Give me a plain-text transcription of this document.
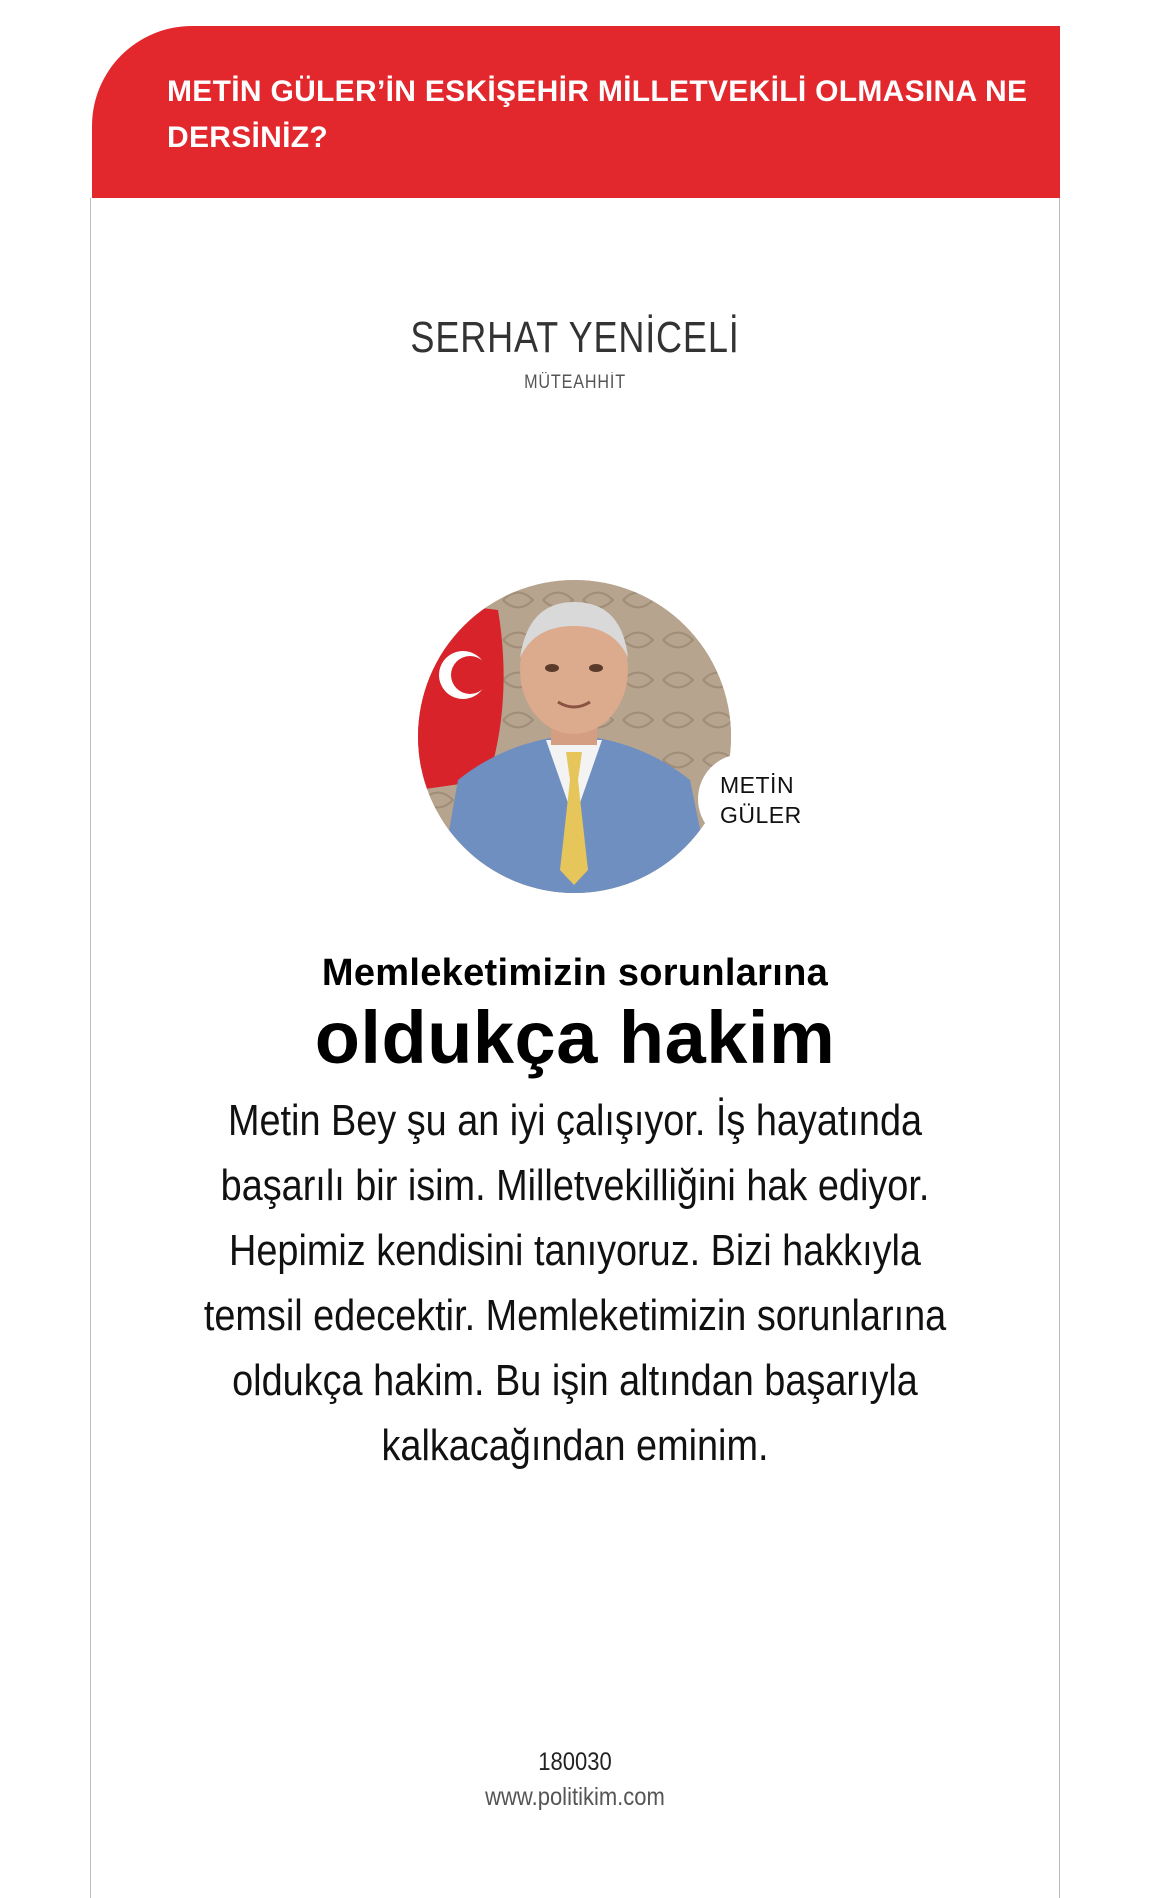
METİN GÜLER’İN ESKİŞEHİR MİLLETVEKİLİ OLMASINA NE DERSİNİZ?
SERHAT YENİCELİ
MÜTEAHHİT
METİN
GÜLER
Memleketimizin sorunlarına
oldukça hakim

Metin Bey şu an iyi çalışıyor. İş hayatında başarılı bir isim. Milletvekilliğini hak ediyor. Hepimiz kendisini tanıyoruz. Bizi hakkıyla temsil edecektir. Memleketimizin sorunlarına oldukça hakim. Bu işin altından başarıyla kalkacağından eminim.

180030
www.politikim.com
